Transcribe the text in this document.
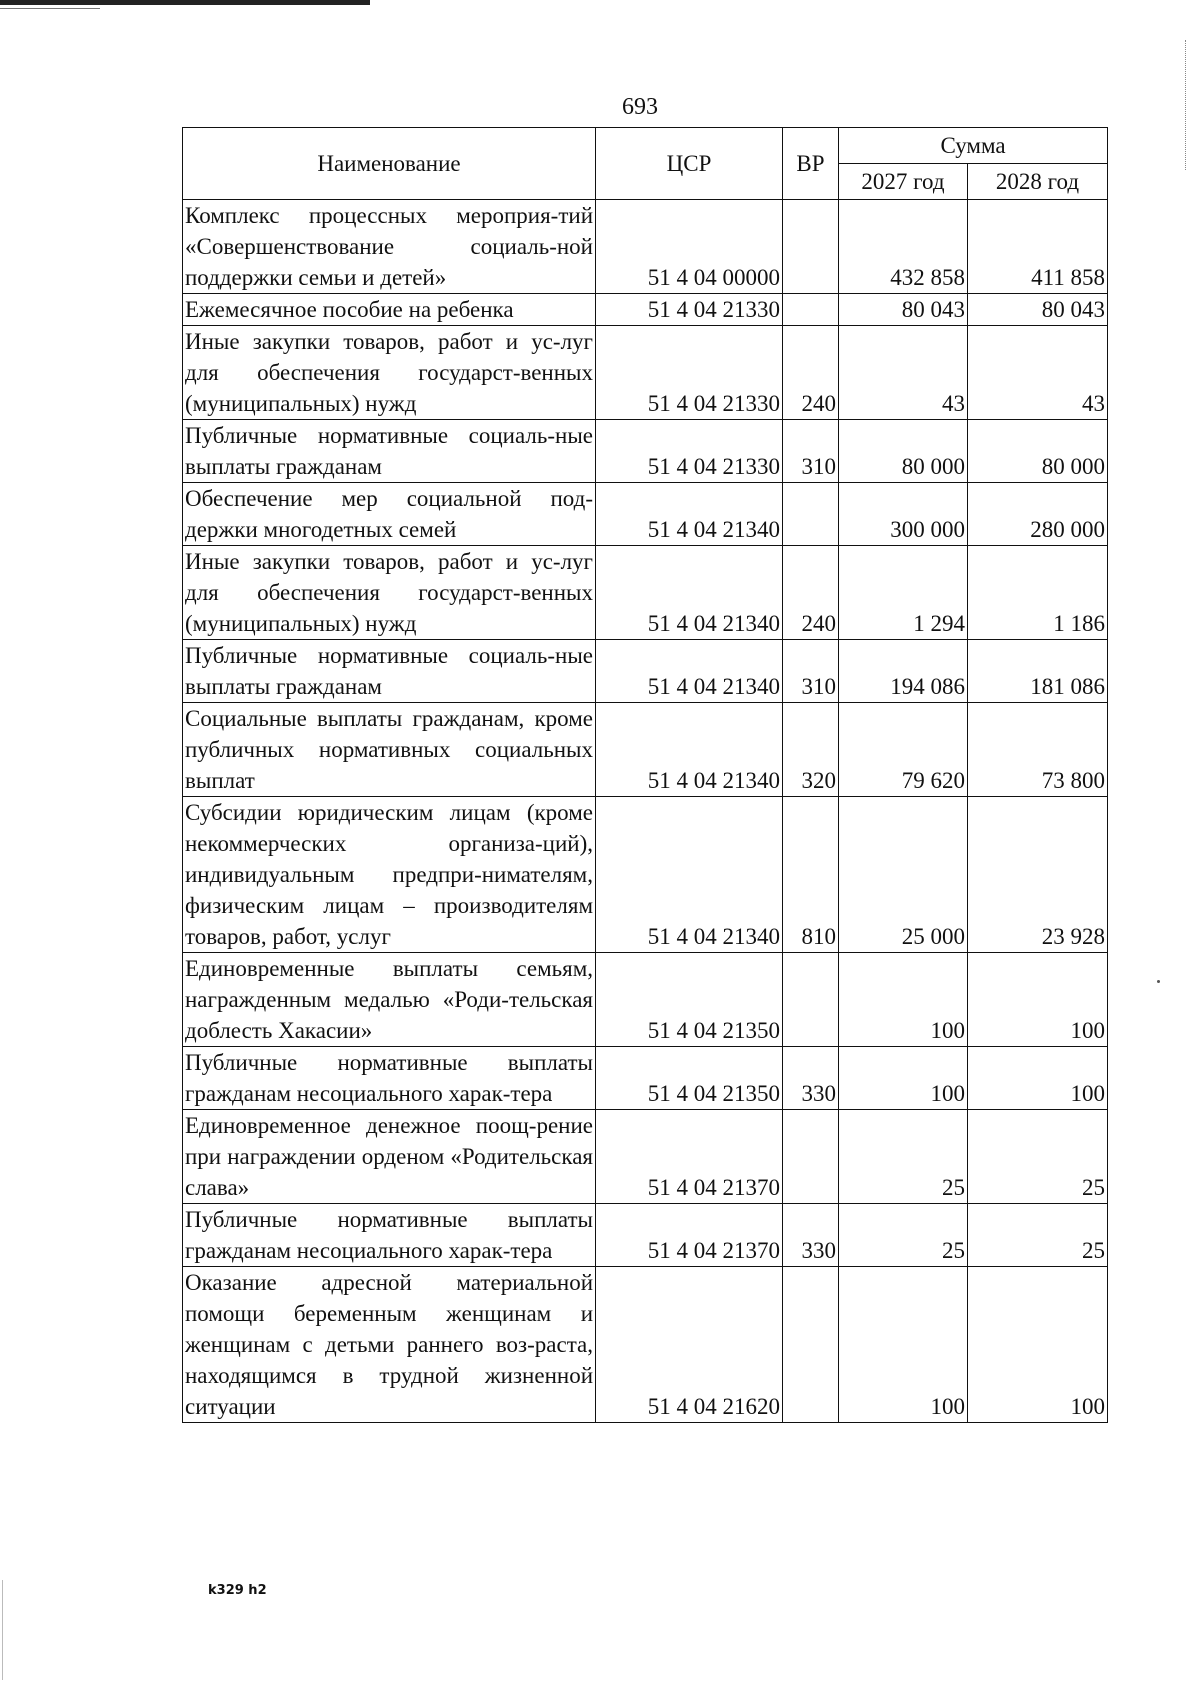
693
Наименование	ЦСР	ВР	Сумма	
			2027 год	2028 год
Комплекс процессных мероприя-тий «Совершенствование социаль-ной поддержки семьи и детей»	51 4 04 00000		432 858	411 858
Ежемесячное пособие на ребенка	51 4 04 21330		80 043	80 043
Иные закупки товаров, работ и ус-луг для обеспечения государст-венных (муниципальных) нужд	51 4 04 21330	240	43	43
Публичные нормативные социаль-ные выплаты гражданам	51 4 04 21330	310	80 000	80 000
Обеспечение мер социальной под-держки многодетных семей	51 4 04 21340		300 000	280 000
Иные закупки товаров, работ и ус-луг для обеспечения государст-венных (муниципальных) нужд	51 4 04 21340	240	1 294	1 186
Публичные нормативные социаль-ные выплаты гражданам	51 4 04 21340	310	194 086	181 086
Социальные выплаты гражданам, кроме публичных нормативных социальных выплат	51 4 04 21340	320	79 620	73 800
Субсидии юридическим лицам (кроме некоммерческих организа-ций), индивидуальным предпри-нимателям, физическим лицам – производителям товаров, работ, услуг	51 4 04 21340	810	25 000	23 928
Единовременные выплаты семьям, награжденным медалью «Роди-тельская доблесть Хакасии»	51 4 04 21350		100	100
Публичные нормативные выплаты гражданам несоциального харак-тера	51 4 04 21350	330	100	100
Единовременное денежное поощ-рение при награждении орденом «Родительская слава»	51 4 04 21370		25	25
Публичные нормативные выплаты гражданам несоциального харак-тера	51 4 04 21370	330	25	25
Оказание адресной материальной помощи беременным женщинам и женщинам с детьми раннего воз-раста, находящимся в трудной жизненной ситуации	51 4 04 21620		100	100
k329 h2
